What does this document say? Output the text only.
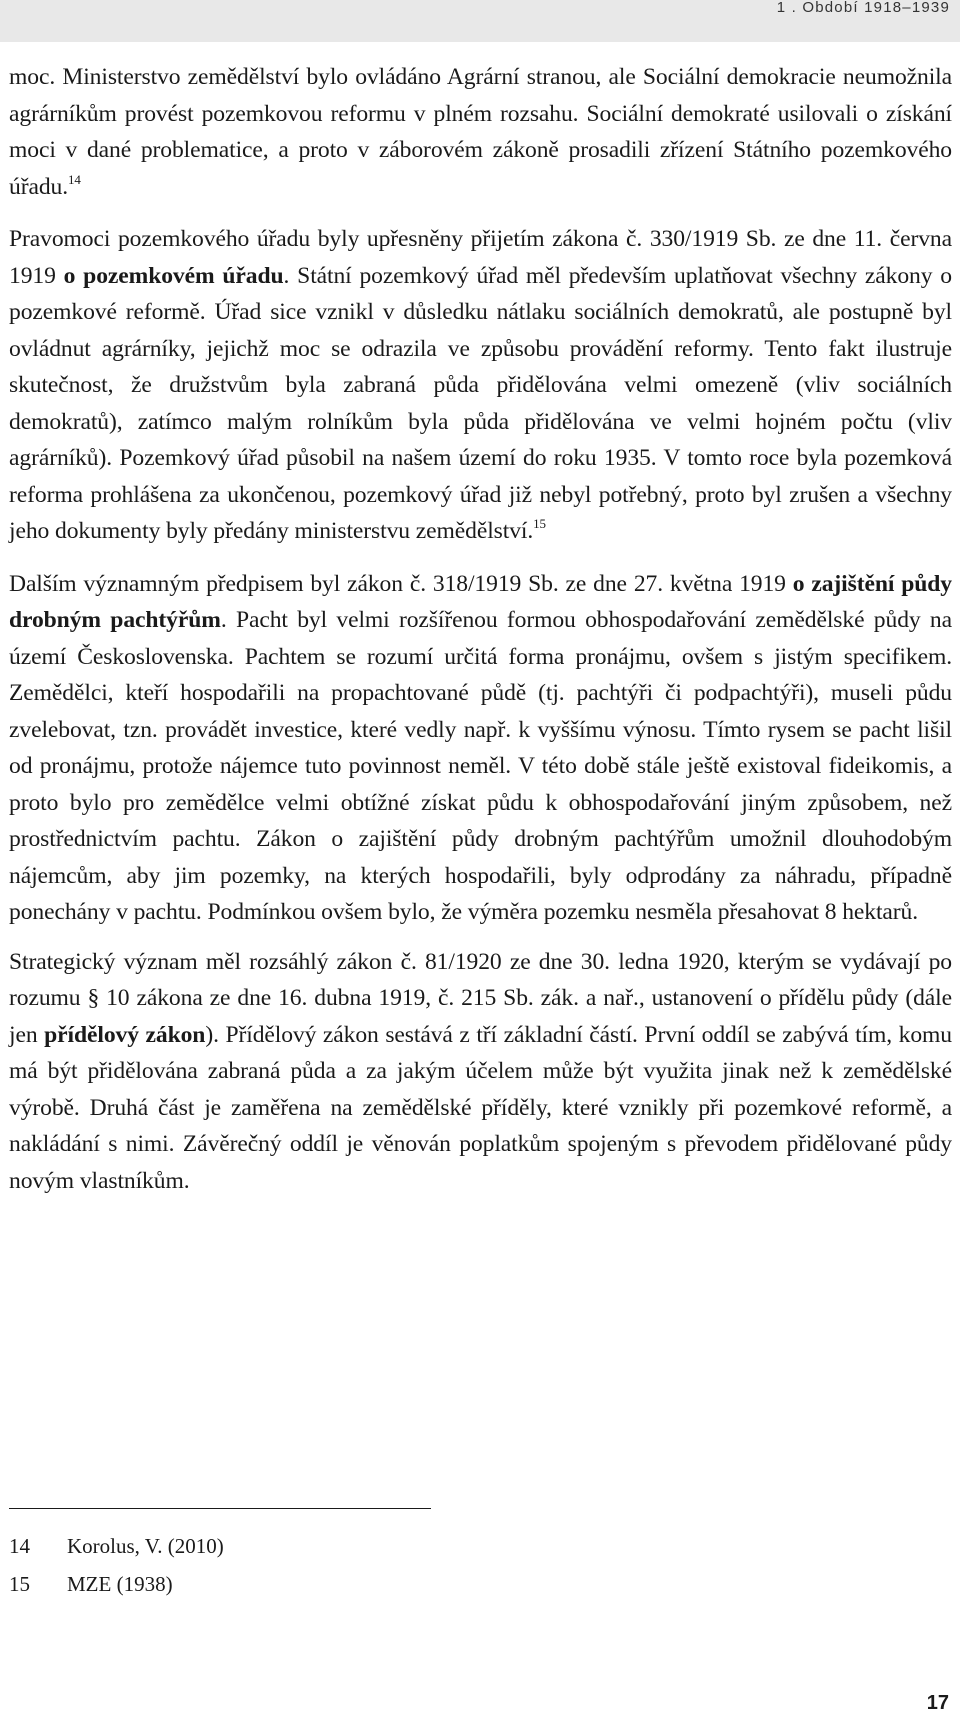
1 . Období 1918–1939

moc. Ministerstvo zemědělství bylo ovládáno Agrární stranou, ale Sociální demokracie neumožnila agrárníkům provést pozemkovou reformu v plném rozsahu. Sociální demokraté usilovali o získání moci v dané problematice, a proto v záborovém zákoně prosadili zřízení Státního pozemkového úřadu.$^{14}$

Pravomoci pozemkového úřadu byly upřesněny přijetím zákona č. 330/1919 Sb. ze dne 11. června 1919 o pozemkovém úřadu. Státní pozemkový úřad měl především uplatňovat všechny zákony o pozemkové reformě. Úřad sice vznikl v důsledku nátlaku sociálních demokratů, ale postupně byl ovládnut agrárníky, jejichž moc se odrazila ve způsobu provádění reformy. Tento fakt ilustruje skutečnost, že družstvům byla zabraná půda přidělována velmi omezeně (vliv sociálních demokratů), zatímco malým rolníkům byla půda přidělována ve velmi hojném počtu (vliv agrárníků). Pozemkový úřad působil na našem území do roku 1935. V tomto roce byla pozemková reforma prohlášena za ukončenou, pozemkový úřad již nebyl potřebný, proto byl zrušen a všechny jeho dokumenty byly předány ministerstvu zemědělství.$^{15}$

Dalším významným předpisem byl zákon č. 318/1919 Sb. ze dne 27. května 1919 o zajištění půdy drobným pachtýřům. Pacht byl velmi rozšířenou formou obhospodařování zemědělské půdy na území Československa. Pachtem se rozumí určitá forma pronájmu, ovšem s jistým specifikem. Zemědělci, kteří hospodařili na propachtované půdě (tj. pachtýři či podpachtýři), museli půdu zvelebovat, tzn. provádět investice, které vedly např. k vyššímu výnosu. Tímto rysem se pacht lišil od pronájmu, protože nájemce tuto povinnost neměl. V této době stále ještě existoval fideikomis, a proto bylo pro zemědělce velmi obtížné získat půdu k obhospodařování jiným způsobem, než prostřednictvím pachtu. Zákon o zajištění půdy drobným pachtýřům umožnil dlouhodobým nájemcům, aby jim pozemky, na kterých hospodařili, byly odprodány za náhradu, případně ponechány v pachtu. Podmínkou ovšem bylo, že výměra pozemku nesměla přesahovat 8 hektarů.

Strategický význam měl rozsáhlý zákon č. 81/1920 ze dne 30. ledna 1920, kterým se vydávají po rozumu § 10 zákona ze dne 16. dubna 1919, č. 215 Sb. zák. a nař., ustanovení o přídělu půdy (dále jen přídělový zákon). Přídělový zákon sestává z tří základní částí. První oddíl se zabývá tím, komu má být přidělována zabraná půda a za jakým účelem může být využita jinak než k zemědělské výrobě. Druhá část je zaměřena na zemědělské příděly, které vznikly při pozemkové reformě, a nakládání s nimi. Závěrečný oddíl je věnován poplatkům spojeným s převodem přidělované půdy novým vlastníkům.

14	Korolus, V. (2010)
15	MZE (1938)
17
